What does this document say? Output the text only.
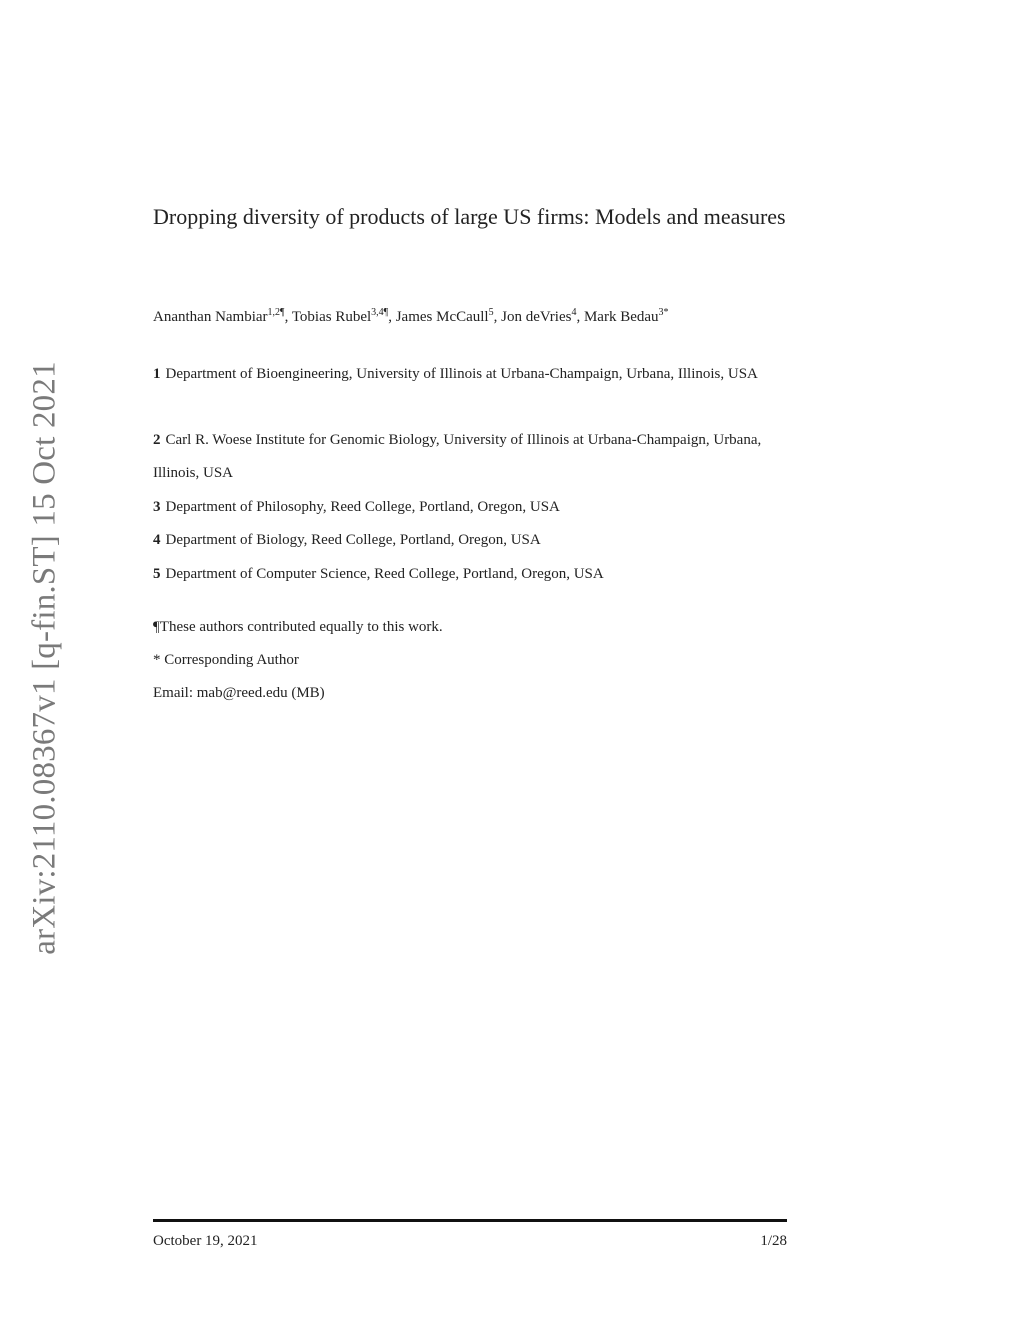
arXiv:2110.08367v1 [q-fin.ST] 15 Oct 2021
Dropping diversity of products of large US firms: Models and measures
Ananthan Nambiar$^{1,2\P}$, Tobias Rubel$^{3,4\P}$, James McCaull$^5$, Jon deVries$^4$, Mark Bedau$^{3*}$
1 Department of Bioengineering, University of Illinois at Urbana-Champaign, Urbana, Illinois, USA
2 Carl R. Woese Institute for Genomic Biology, University of Illinois at Urbana-Champaign, Urbana, Illinois, USA
3 Department of Philosophy, Reed College, Portland, Oregon, USA
4 Department of Biology, Reed College, Portland, Oregon, USA
5 Department of Computer Science, Reed College, Portland, Oregon, USA
¶These authors contributed equally to this work.
* Corresponding Author
Email: mab@reed.edu (MB)
October 19, 2021	1/28
